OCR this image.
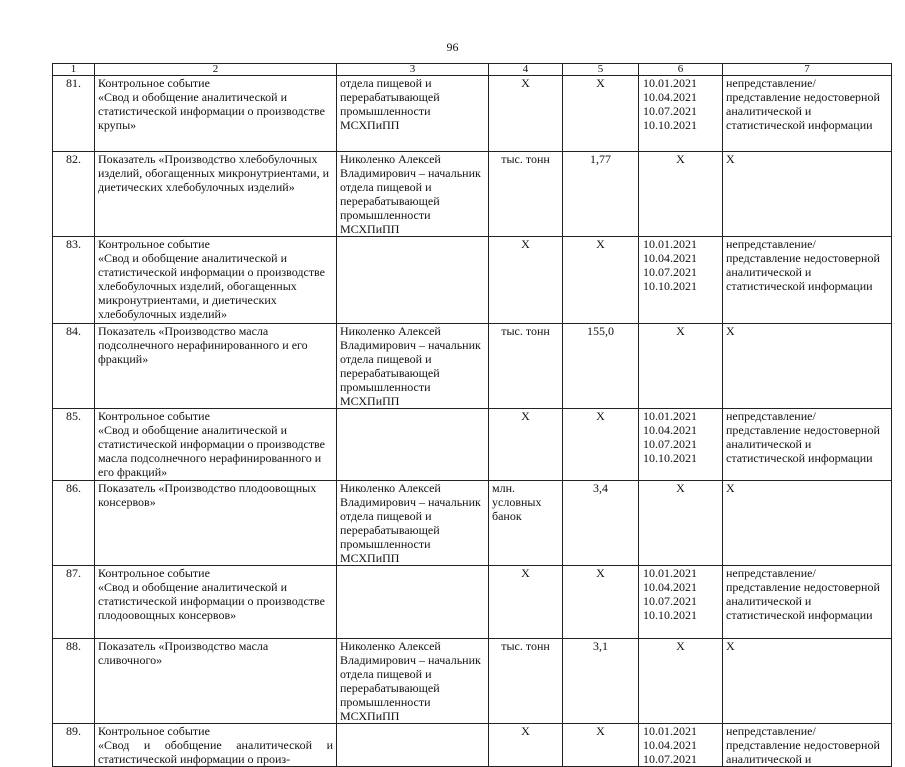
96
1	2	3	4	5	6	7
81.	Контрольное событие
«Свод и обобщение аналитической и статистической информации о производстве крупы»	отдела пищевой и перерабатывающей промышленности МСХПиПП	Х	Х	10.01.2021
10.04.2021
10.07.2021
10.10.2021	непредставление/представление недостоверной аналитической и статистической информации
82.	Показатель «Производство хлебобулочных изделий, обогащенных микронутриентами, и диетических хлебобулочных изделий»	Николенко Алексей Владимирович – начальник отдела пищевой и перерабатывающей промышленности МСХПиПП	тыс. тонн	1,77	Х	Х
83.	Контрольное событие
«Свод и обобщение аналитической и статистической информации о производстве хлебобулочных изделий, обогащенных микронутриентами, и диетических хлебобулочных изделий»		Х	Х	10.01.2021
10.04.2021
10.07.2021
10.10.2021	непредставление/представление недостоверной аналитической и статистической информации
84.	Показатель «Производство масла подсолнечного нерафинированного и его фракций»	Николенко Алексей Владимирович – начальник отдела пищевой и перерабатывающей промышленности МСХПиПП	тыс. тонн	155,0	Х	Х
85.	Контрольное событие
«Свод и обобщение аналитической и статистической информации о производстве масла подсолнечного нерафинированного и его фракций»		Х	Х	10.01.2021
10.04.2021
10.07.2021
10.10.2021	непредставление/представление недостоверной аналитической и статистической информации
86.	Показатель «Производство плодоовощных консервов»	Николенко Алексей Владимирович – начальник отдела пищевой и перерабатывающей промышленности МСХПиПП	млн. условных банок	3,4	Х	Х
87.	Контрольное событие
«Свод и обобщение аналитической и статистической информации о производстве плодоовощных консервов»		Х	Х	10.01.2021
10.04.2021
10.07.2021
10.10.2021	непредставление/представление недостоверной аналитической и статистической информации
88.	Показатель «Производство масла сливочного»	Николенко Алексей Владимирович – начальник отдела пищевой и перерабатывающей промышленности МСХПиПП	тыс. тонн	3,1	Х	Х
89.	Контрольное событие
«Свод и обобщение аналитической и статистической информации о произ-		Х	Х	10.01.2021
10.04.2021
10.07.2021	непредставление/представление недостоверной аналитической и
